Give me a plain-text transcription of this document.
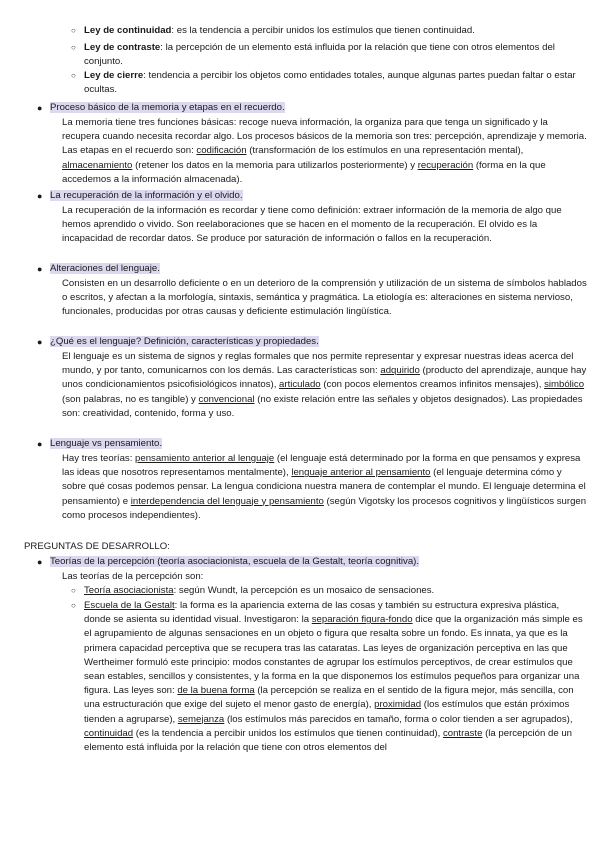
○ Ley de continuidad: es la tendencia a percibir unidos los estímulos que tienen continuidad.
○ Ley de contraste: la percepción de un elemento está influida por la relación que tiene con otros elementos del conjunto.
○ Ley de cierre: tendencia a percibir los objetos como entidades totales, aunque algunas partes puedan faltar o estar ocultas.
● Proceso básico de la memoria y etapas en el recuerdo.
La memoria tiene tres funciones básicas: recoge nueva información, la organiza para que tenga un significado y la recupera cuando necesita recordar algo. Los procesos básicos de la memoria son tres: percepción, aprendizaje y memoria. Las etapas en el recuerdo son: codificación (transformación de los estímulos en una representación mental), almacenamiento (retener los datos en la memoria para utilizarlos posteriormente) y recuperación (forma en la que accedemos a la información almacenada).
● La recuperación de la información y el olvido.
La recuperación de la información es recordar y tiene como definición: extraer información de la memoria de algo que hemos aprendido o vivido. Son reelaboraciones que se hacen en el momento de la recuperación. El olvido es la incapacidad de recordar datos. Se produce por saturación de información o fallos en la recuperación.
● Alteraciones del lenguaje.
Consisten en un desarrollo deficiente o en un deterioro de la comprensión y utilización de un sistema de símbolos hablados o escritos, y afectan a la morfología, sintaxis, semántica y pragmática. La etiología es: alteraciones en sistema nervioso, funcionales, producidas por otras causas y deficiente estimulación lingüística.
● ¿Qué es el lenguaje? Definición, características y propiedades.
El lenguaje es un sistema de signos y reglas formales que nos permite representar y expresar nuestras ideas acerca del mundo, y por tanto, comunicarnos con los demás. Las características son: adquirido (producto del aprendizaje, aunque hay unos condicionamientos psicofisiológicos innatos), articulado (con pocos elementos creamos infinitos mensajes), simbólico (son palabras, no es tangible) y convencional (no existe relación entre las señales y objetos designados). Las propiedades son: creatividad, contenido, forma y uso.
● Lenguaje vs pensamiento.
Hay tres teorías: pensamiento anterior al lenguaje (el lenguaje está determinado por la forma en que pensamos y expresa las ideas que nosotros representamos mentalmente), lenguaje anterior al pensamiento (el lenguaje determina cómo y sobre qué cosas podemos pensar. La lengua condiciona nuestra manera de contemplar el mundo. El lenguaje determina el pensamiento) e interdependencia del lenguaje y pensamiento (según Vigotsky los procesos cognitivos y lingüísticos surgen como procesos independientes).
PREGUNTAS DE DESARROLLO:
● Teorías de la percepción (teoría asociacionista, escuela de la Gestalt, teoría cognitiva).
Las teorías de la percepción son:
○ Teoría asociacionista: según Wundt, la percepción es un mosaico de sensaciones.
○ Escuela de la Gestalt: la forma es la apariencia externa de las cosas y también su estructura expresiva plástica, donde se asienta su identidad visual. Investigaron: la separación figura-fondo dice que la organización más simple es el agrupamiento de algunas sensaciones en un objeto o figura que resalta sobre un fondo. Es innata, ya que es la primera capacidad perceptiva que se recupera tras las cataratas. Las leyes de organización perceptiva en las que Wertheimer formuló este principio: modos constantes de agrupar los estímulos perceptivos, de crear estímulos que sean estables, sencillos y consistentes, y la forma en la que disponemos los estímulos pequeños para organizar una figura. Las leyes son: de la buena forma (la percepción se realiza en el sentido de la figura mejor, más sencilla, con una estructuración que exige del sujeto el menor gasto de energía), proximidad (los estímulos que están próximos tienden a agruparse), semejanza (los estímulos más parecidos en tamaño, forma o color tienden a ser agrupados), continuidad (es la tendencia a percibir unidos los estímulos que tienen continuidad), contraste (la percepción de un elemento está influida por la relación que tiene con otros elementos del
